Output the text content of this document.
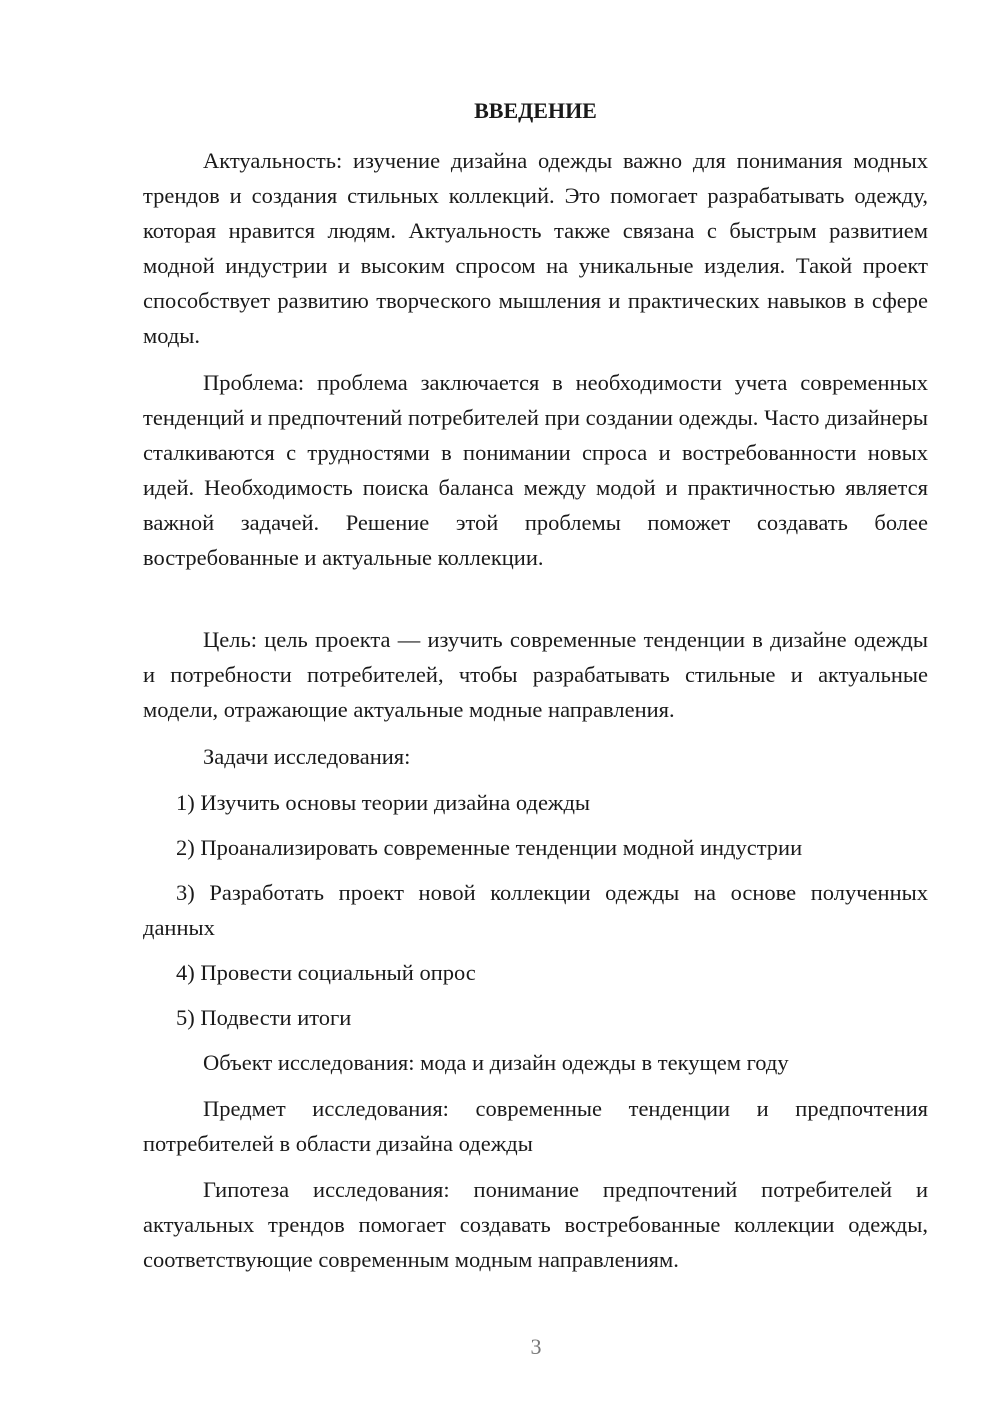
ВВЕДЕНИЕ

Актуальность: изучение дизайна одежды важно для понимания модных трендов и создания стильных коллекций. Это помогает разрабатывать одежду, которая нравится людям. Актуальность также связана с быстрым развитием модной индустрии и высоким спросом на уникальные изделия. Такой проект способствует развитию творческого мышления и практических навыков в сфере моды.

Проблема: проблема заключается в необходимости учета современных тенденций и предпочтений потребителей при создании одежды. Часто дизайнеры сталкиваются с трудностями в понимании спроса и востребованности новых идей. Необходимость поиска баланса между модой и практичностью является важной задачей. Решение этой проблемы поможет создавать более востребованные и актуальные коллекции.

Цель: цель проекта — изучить современные тенденции в дизайне одежды и потребности потребителей, чтобы разрабатывать стильные и актуальные модели, отражающие актуальные модные направления.

Задачи исследования:

1) Изучить основы теории дизайна одежды

2) Проанализировать современные тенденции модной индустрии

3) Разработать проект новой коллекции одежды на основе полученных данных

4) Провести социальный опрос

5) Подвести итоги

Объект исследования: мода и дизайн одежды в текущем году

Предмет исследования: современные тенденции и предпочтения потребителей в области дизайна одежды

Гипотеза исследования: понимание предпочтений потребителей и актуальных трендов помогает создавать востребованные коллекции одежды, соответствующие современным модным направлениям.

3
